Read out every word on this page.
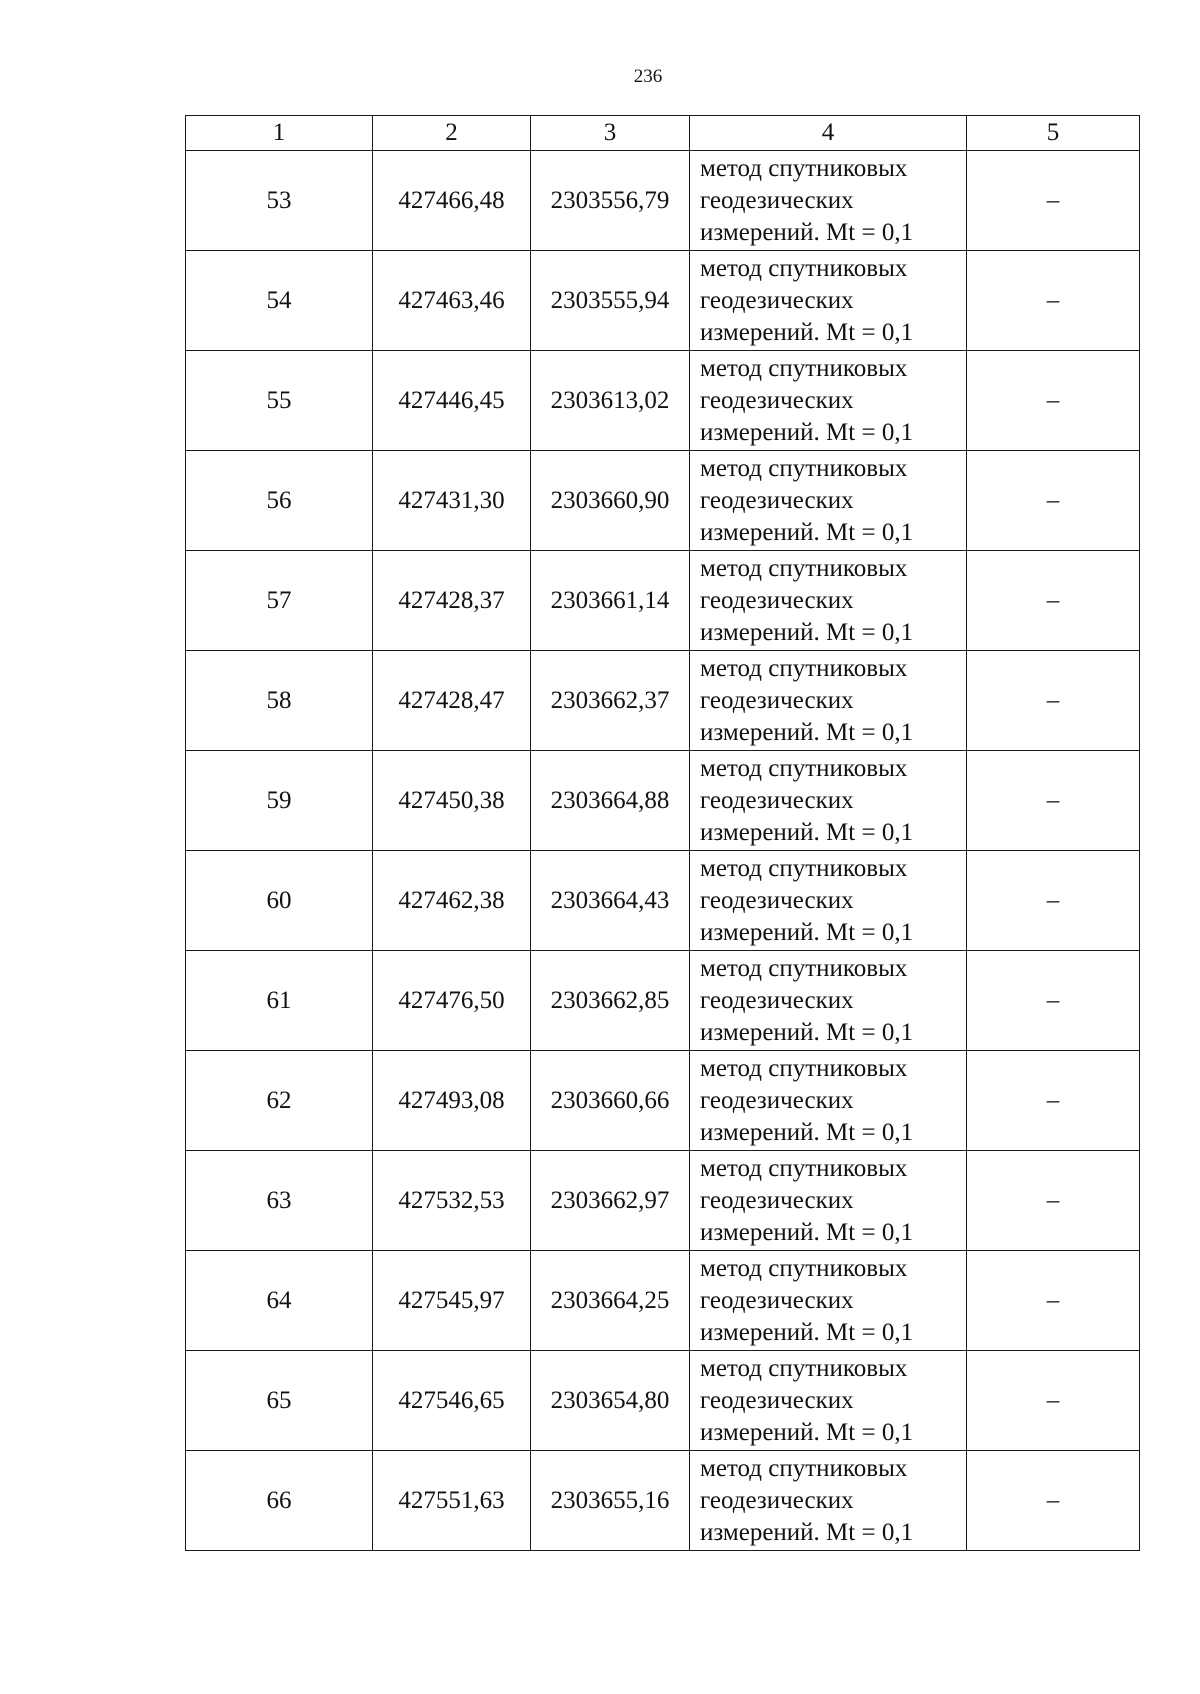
236
1	2	3	4	5
53	427466,48	2303556,79	метод спутниковых
геодезических
измерений. Mt = 0,1	–
54	427463,46	2303555,94	метод спутниковых
геодезических
измерений. Mt = 0,1	–
55	427446,45	2303613,02	метод спутниковых
геодезических
измерений. Mt = 0,1	–
56	427431,30	2303660,90	метод спутниковых
геодезических
измерений. Mt = 0,1	–
57	427428,37	2303661,14	метод спутниковых
геодезических
измерений. Mt = 0,1	–
58	427428,47	2303662,37	метод спутниковых
геодезических
измерений. Mt = 0,1	–
59	427450,38	2303664,88	метод спутниковых
геодезических
измерений. Mt = 0,1	–
60	427462,38	2303664,43	метод спутниковых
геодезических
измерений. Mt = 0,1	–
61	427476,50	2303662,85	метод спутниковых
геодезических
измерений. Mt = 0,1	–
62	427493,08	2303660,66	метод спутниковых
геодезических
измерений. Mt = 0,1	–
63	427532,53	2303662,97	метод спутниковых
геодезических
измерений. Mt = 0,1	–
64	427545,97	2303664,25	метод спутниковых
геодезических
измерений. Mt = 0,1	–
65	427546,65	2303654,80	метод спутниковых
геодезических
измерений. Mt = 0,1	–
66	427551,63	2303655,16	метод спутниковых
геодезических
измерений. Mt = 0,1	–
